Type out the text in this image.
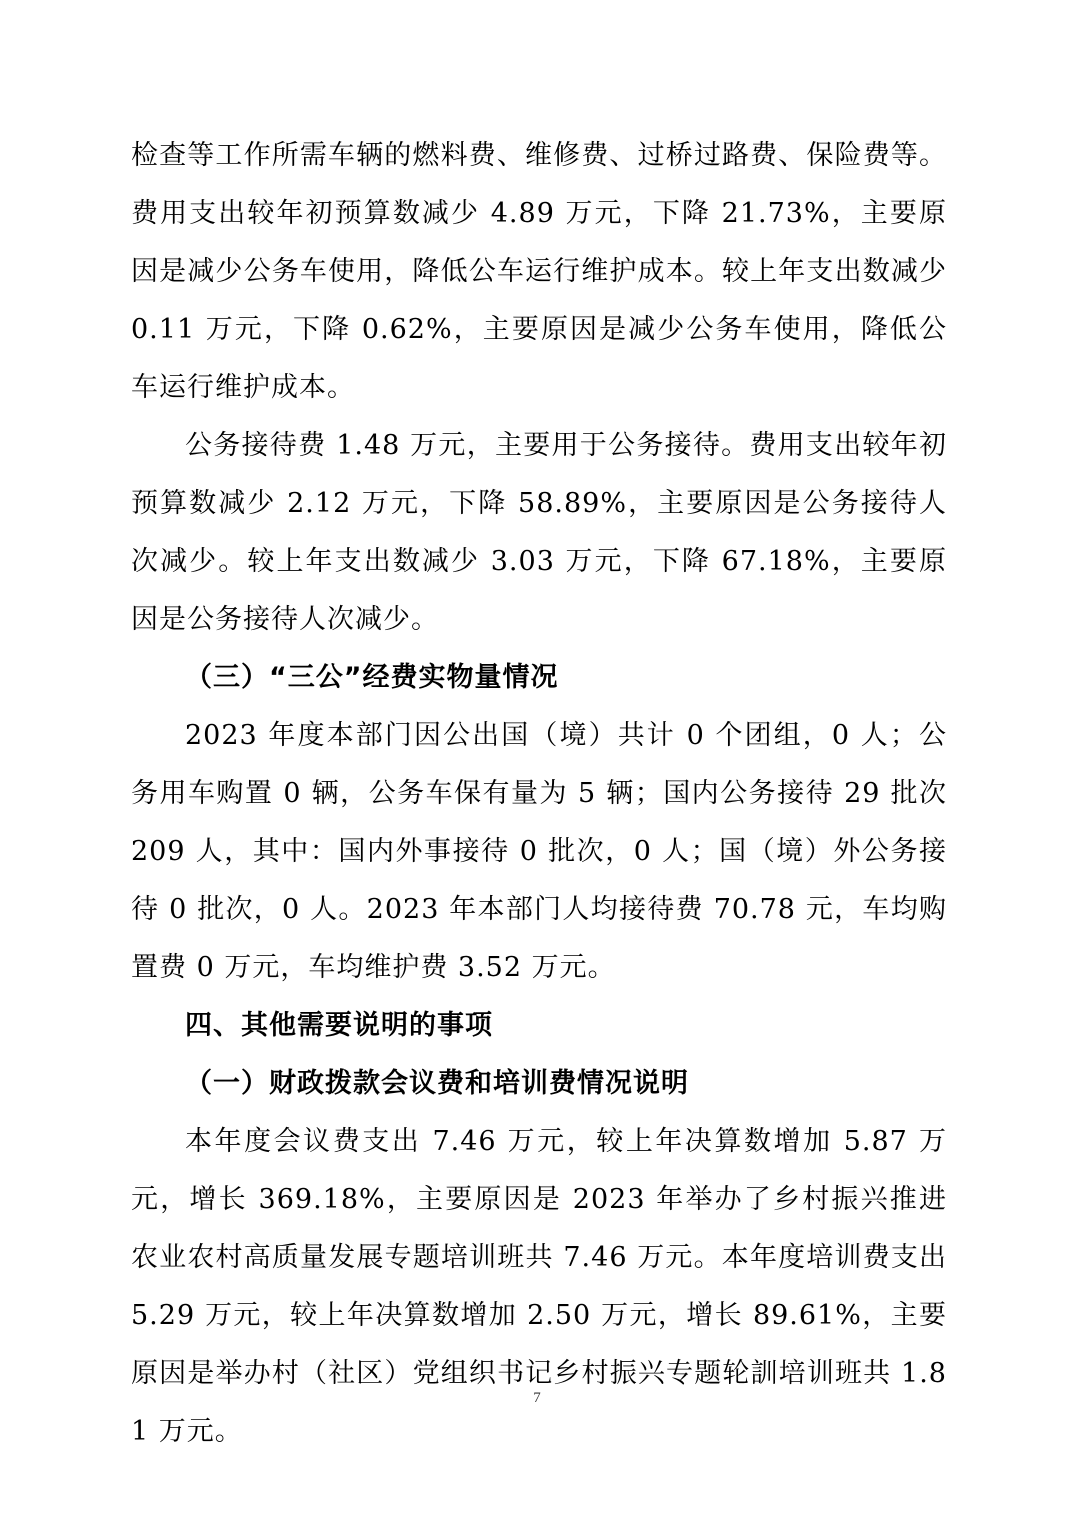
检查等工作所需车辆的燃料费、维修费、过桥过路费、保险费等。费用支出较年初预算数减少 4.89 万元，下降 21.73%，主要原因是减少公务车使用，降低公车运行维护成本。较上年支出数减少 0.11 万元，下降 0.62%，主要原因是减少公务车使用，降低公车运行维护成本。

公务接待费 1.48 万元，主要用于公务接待。费用支出较年初预算数减少 2.12 万元，下降 58.89%，主要原因是公务接待人次减少。较上年支出数减少 3.03 万元，下降 67.18%，主要原因是公务接待人次减少。

（三）“三公”经费实物量情况

2023 年度本部门因公出国（境）共计 0 个团组，0 人；公务用车购置 0 辆，公务车保有量为 5 辆；国内公务接待 29 批次 209 人，其中：国内外事接待 0 批次，0 人；国（境）外公务接待 0 批次，0 人。2023 年本部门人均接待费 70.78 元，车均购置费 0 万元，车均维护费 3.52 万元。

四、其他需要说明的事项

（一）财政拨款会议费和培训费情况说明

本年度会议费支出 7.46 万元，较上年决算数增加 5.87 万元，增长 369.18%，主要原因是 2023 年举办了乡村振兴推进农业农村高质量发展专题培训班共 7.46 万元。本年度培训费支出 5.29 万元，较上年决算数增加 2.50 万元，增长 89.61%，主要原因是举办村（社区）党组织书记乡村振兴专题轮訓培训班共 1.81 万元。

7
